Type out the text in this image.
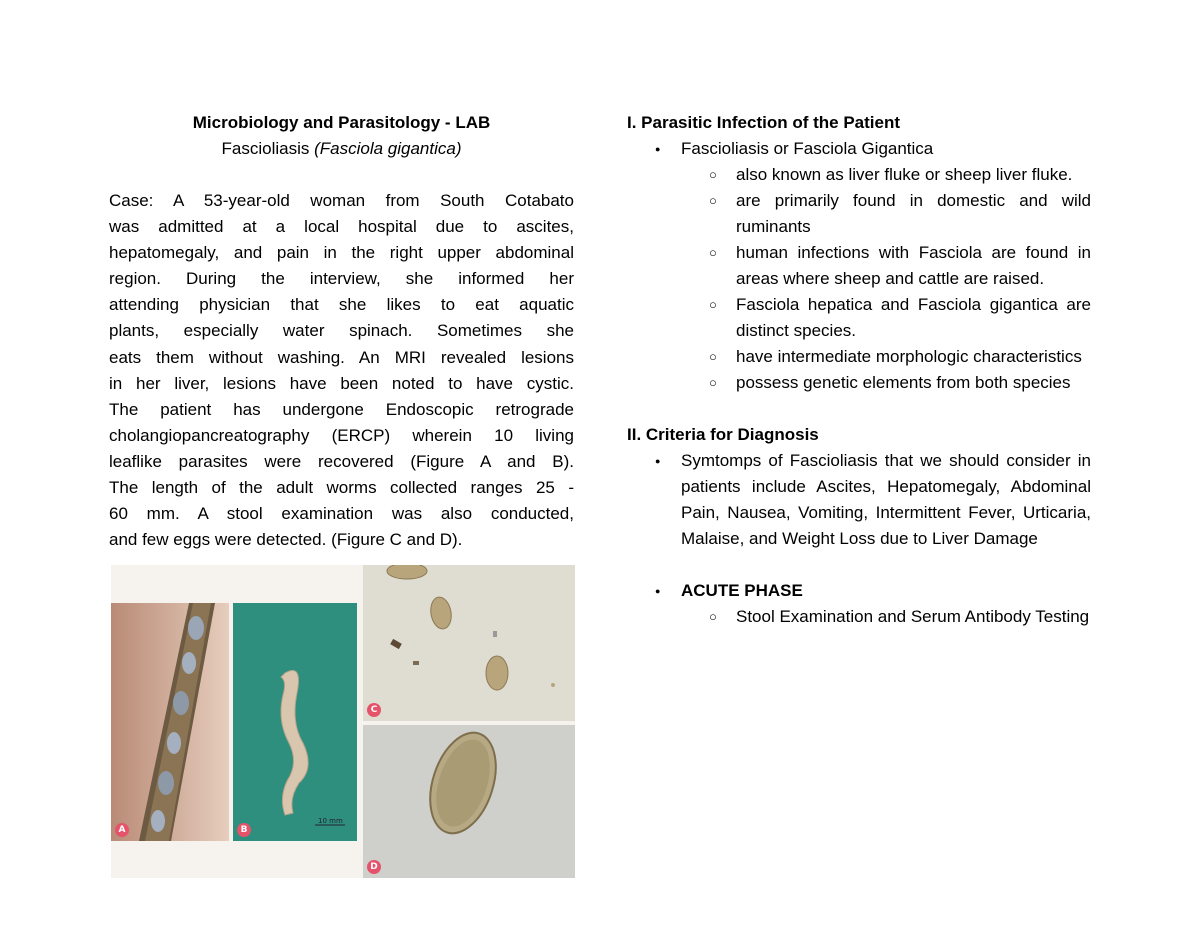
Microbiology and Parasitology - LAB
Fascioliasis (Fasciola gigantica)
Case: A 53-year-old woman from South Cotabato
was admitted at a local hospital due to ascites,
hepatomegaly, and pain in the right upper abdominal
region. During the interview, she informed her
attending physician that she likes to eat aquatic
plants, especially water spinach. Sometimes she
eats them without washing. An MRI revealed lesions
in her liver, lesions have been noted to have cystic.
The patient has undergone Endoscopic retrograde
cholangiopancreatography (ERCP) wherein 10 living
leaflike parasites were recovered (Figure A and B).
The length of the adult worms collected ranges 25 -
60 mm. A stool examination was also conducted,
and few eggs were detected. (Figure C and D).
A
10 mm
B
C
D
I. Parasitic Infection of the Patient
● Fascioliasis or Fasciola Gigantica
○ also known as liver fluke or sheep liver fluke.
○ are primarily found in domestic and wild ruminants
○ human infections with Fasciola are found in areas where sheep and cattle are raised.
○ Fasciola hepatica and Fasciola gigantica are distinct species.
○ have intermediate morphologic characteristics
○ possess genetic elements from both species
II. Criteria for Diagnosis
● Symtomps of Fascioliasis that we should consider in patients include Ascites, Hepatomegaly, Abdominal Pain, Nausea, Vomiting, Intermittent Fever, Urticaria, Malaise, and Weight Loss due to Liver Damage
● ACUTE PHASE
○ Stool Examination and Serum Antibody Testing
